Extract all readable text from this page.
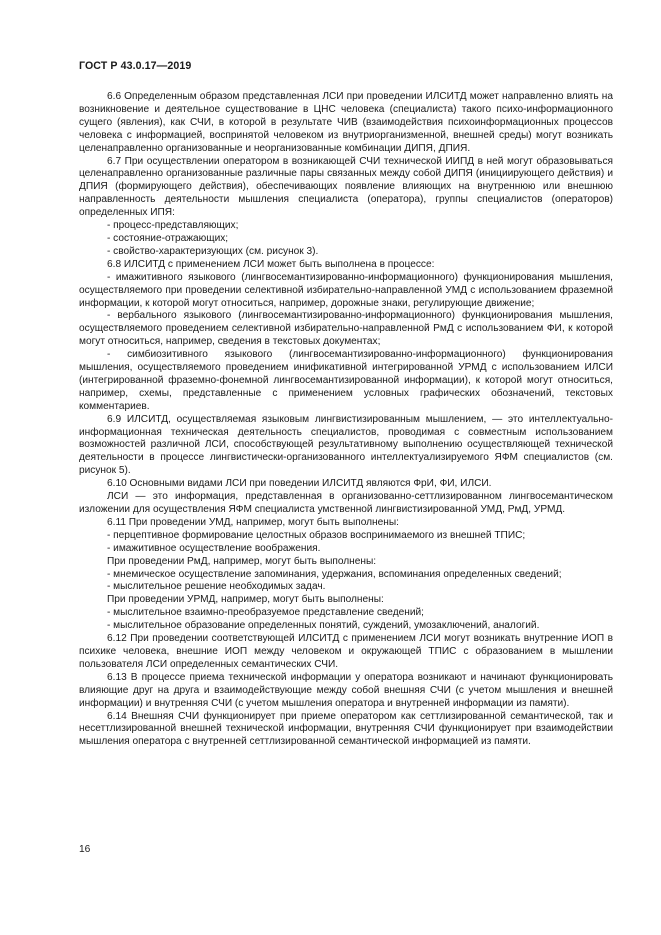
ГОСТ Р 43.0.17—2019

6.6 Определенным образом представленная ЛСИ при проведении ИЛСИТД может направленно влиять на возникновение и деятельное существование в ЦНС человека (специалиста) такого психо-информационного сущего (явления), как СЧИ, в которой в результате ЧИВ (взаимодействия психоинформационных процессов человека с информацией, воспринятой человеком из внутриорганизменной, внешней среды) могут возникать целенаправленно организованные и неорганизованные комбинации ДИПЯ, ДПИЯ.

6.7 При осуществлении оператором в возникающей СЧИ технической ИИПД в ней могут образовываться целенаправленно организованные различные пары связанных между собой ДИПЯ (инициирующего действия) и ДПИЯ (формирующего действия), обеспечивающих появление влияющих на внутреннюю или внешнюю направленность деятельности мышления специалиста (оператора), группы специалистов (операторов) определенных ИПЯ:

- процесс-представляющих;

- состояние-отражающих;

- свойство-характеризующих (см. рисунок 3).

6.8 ИЛСИТД с применением ЛСИ может быть выполнена в процессе:

- имажитивного языкового (лингвосемантизированно-информационного) функционирования мышления, осуществляемого при проведении селективной избирательно-направленной УМД с использованием фраземной информации, к которой могут относиться, например, дорожные знаки, регулирующие движение;

- вербального языкового (лингвосемантизированно-информационного) функционирования мышления, осуществляемого проведением селективной избирательно-направленной РмД с использованием ФИ, к которой могут относиться, например, сведения в текстовых документах;

- симбиозитивного языкового (лингвосемантизированно-информационного) функционирования мышления, осуществляемого проведением инификативной интегрированной УРМД с использованием ИЛСИ (интегрированной фраземно-фонемной лингвосемантизированной информации), к которой могут относиться, например, схемы, представленные с применением условных графических обозначений, текстовых комментариев.

6.9 ИЛСИТД, осуществляемая языковым лингвистизированным мышлением, — это интеллектуально-информационная техническая деятельность специалистов, проводимая с совместным использованием возможностей различной ЛСИ, способствующей результативному выполнению осуществляющей технической деятельности в процессе лингвистически-организованного интеллектуализируемого ЯФМ специалистов (см. рисунок 5).

6.10 Основными видами ЛСИ при поведении ИЛСИТД являются ФрИ, ФИ, ИЛСИ.

ЛСИ — это информация, представленная в организованно-сеттлизированном лингвосемантическом изложении для осуществления ЯФМ специалиста умственной лингвистизированной УМД, РмД, УРМД.

6.11 При проведении УМД, например, могут быть выполнены:

- перцептивное формирование целостных образов воспринимаемого из внешней ТПИС;

- имажитивное осуществление воображения.

При проведении РмД, например, могут быть выполнены:

- мнемическое осуществление запоминания, удержания, вспоминания определенных сведений;

- мыслительное решение необходимых задач.

При проведении УРМД, например, могут быть выполнены:

- мыслительное взаимно-преобразуемое представление сведений;

- мыслительное образование определенных понятий, суждений, умозаключений, аналогий.

6.12 При проведении соответствующей ИЛСИТД с применением ЛСИ могут возникать внутренние ИОП в психике человека, внешние ИОП между человеком и окружающей ТПИС с образованием в мышлении пользователя ЛСИ определенных семантических СЧИ.

6.13 В процессе приема технической информации у оператора возникают и начинают функционировать влияющие друг на друга и взаимодействующие между собой внешняя СЧИ (с учетом мышления и внешней информации) и внутренняя СЧИ (с учетом мышления оператора и внутренней информации из памяти).

6.14 Внешняя СЧИ функционирует при приеме оператором как сеттлизированной семантической, так и несеттлизированной внешней технической информации, внутренняя СЧИ функционирует при взаимодействии мышления оператора с внутренней сеттлизированной семантической информацией из памяти.

16
